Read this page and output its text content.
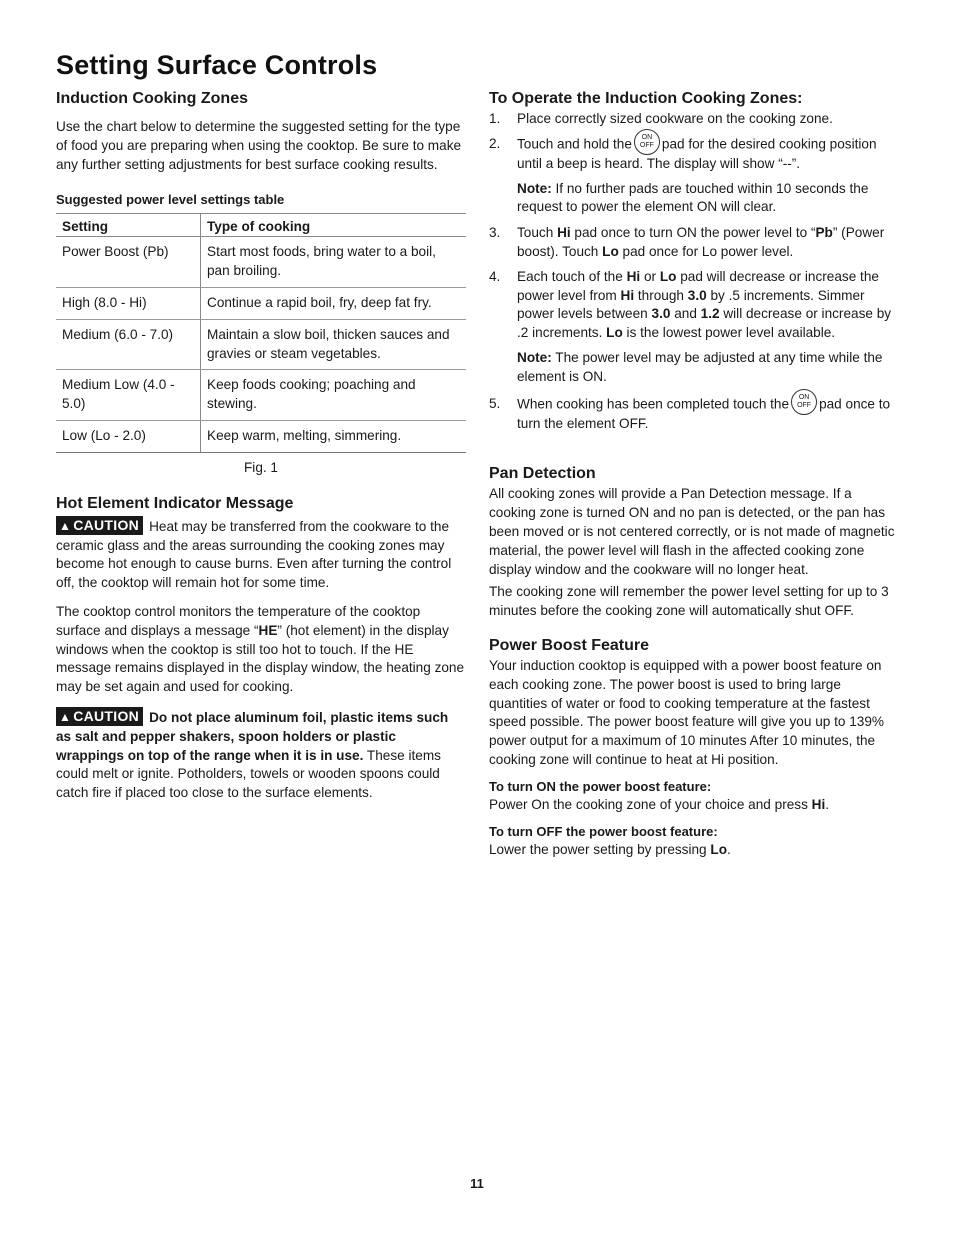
Setting Surface Controls

Induction Cooking Zones

Use the chart below to determine the suggested setting for the type of food you are preparing when using the cooktop. Be sure to make any further setting adjustments for best surface cooking results.

Suggested power level settings table

Setting	Type of cooking
Power Boost (Pb)	Start most foods, bring water to a boil, pan broiling.
High (8.0 - Hi)	Continue a rapid boil, fry, deep fat fry.
Medium (6.0 - 7.0)	Maintain a slow boil, thicken sauces and gravies or steam vegetables.
Medium Low (4.0 - 5.0)	Keep foods cooking; poaching and stewing.
Low (Lo - 2.0)	Keep warm, melting, simmering.
Fig. 1

Hot Element Indicator Message

▲ CAUTION Heat may be transferred from the cookware to the ceramic glass and the areas surrounding the cooking zones may become hot enough to cause burns. Even after turning the control off, the cooktop will remain hot for some time.

The cooktop control monitors the temperature of the cooktop surface and displays a message “HE” (hot element) in the display windows when the cooktop is still too hot to touch. If the HE message remains displayed in the display window, the heating zone may be set again and used for cooking.

▲ CAUTION Do not place aluminum foil, plastic items such as salt and pepper shakers, spoon holders or plastic wrappings on top of the range when it is in use. These items could melt or ignite. Potholders, towels or wooden spoons could catch fire if placed too close to the surface elements.

To Operate the Induction Cooking Zones:

1. Place correctly sized cookware on the cooking zone.
2. Touch and hold the ON
OFF pad for the desired cooking position until a beep is heard. The display will show “--”.

Note: If no further pads are touched within 10 seconds the request to power the element ON will clear.

3. Touch Hi pad once to turn ON the power level to “Pb” (Power boost). Touch Lo pad once for Lo power level.
4. Each touch of the Hi or Lo pad will decrease or increase the power level from Hi through 3.0 by .5 increments. Simmer power levels between 3.0 and 1.2 will decrease or increase by .2 increments. Lo is the lowest power level available.

Note: The power level may be adjusted at any time while the element is ON.

5. When cooking has been completed touch the ON
OFF pad once to turn the element OFF.

Pan Detection

All cooking zones will provide a Pan Detection message. If a cooking zone is turned ON and no pan is detected, or the pan has been moved or is not centered correctly, or is not made of magnetic material, the power level will flash in the affected cooking zone display window and the cookware will no longer heat.

The cooking zone will remember the power level setting for up to 3 minutes before the cooking zone will automatically shut OFF.

Power Boost Feature

Your induction cooktop is equipped with a power boost feature on each cooking zone. The power boost is used to bring large quantities of water or food to cooking temperature at the fastest speed possible. The power boost feature will give you up to 139% power output for a maximum of 10 minutes After 10 minutes, the cooking zone will continue to heat at Hi position.

To turn ON the power boost feature:

Power On the cooking zone of your choice and press Hi.

To turn OFF the power boost feature:

Lower the power setting by pressing Lo.

11
